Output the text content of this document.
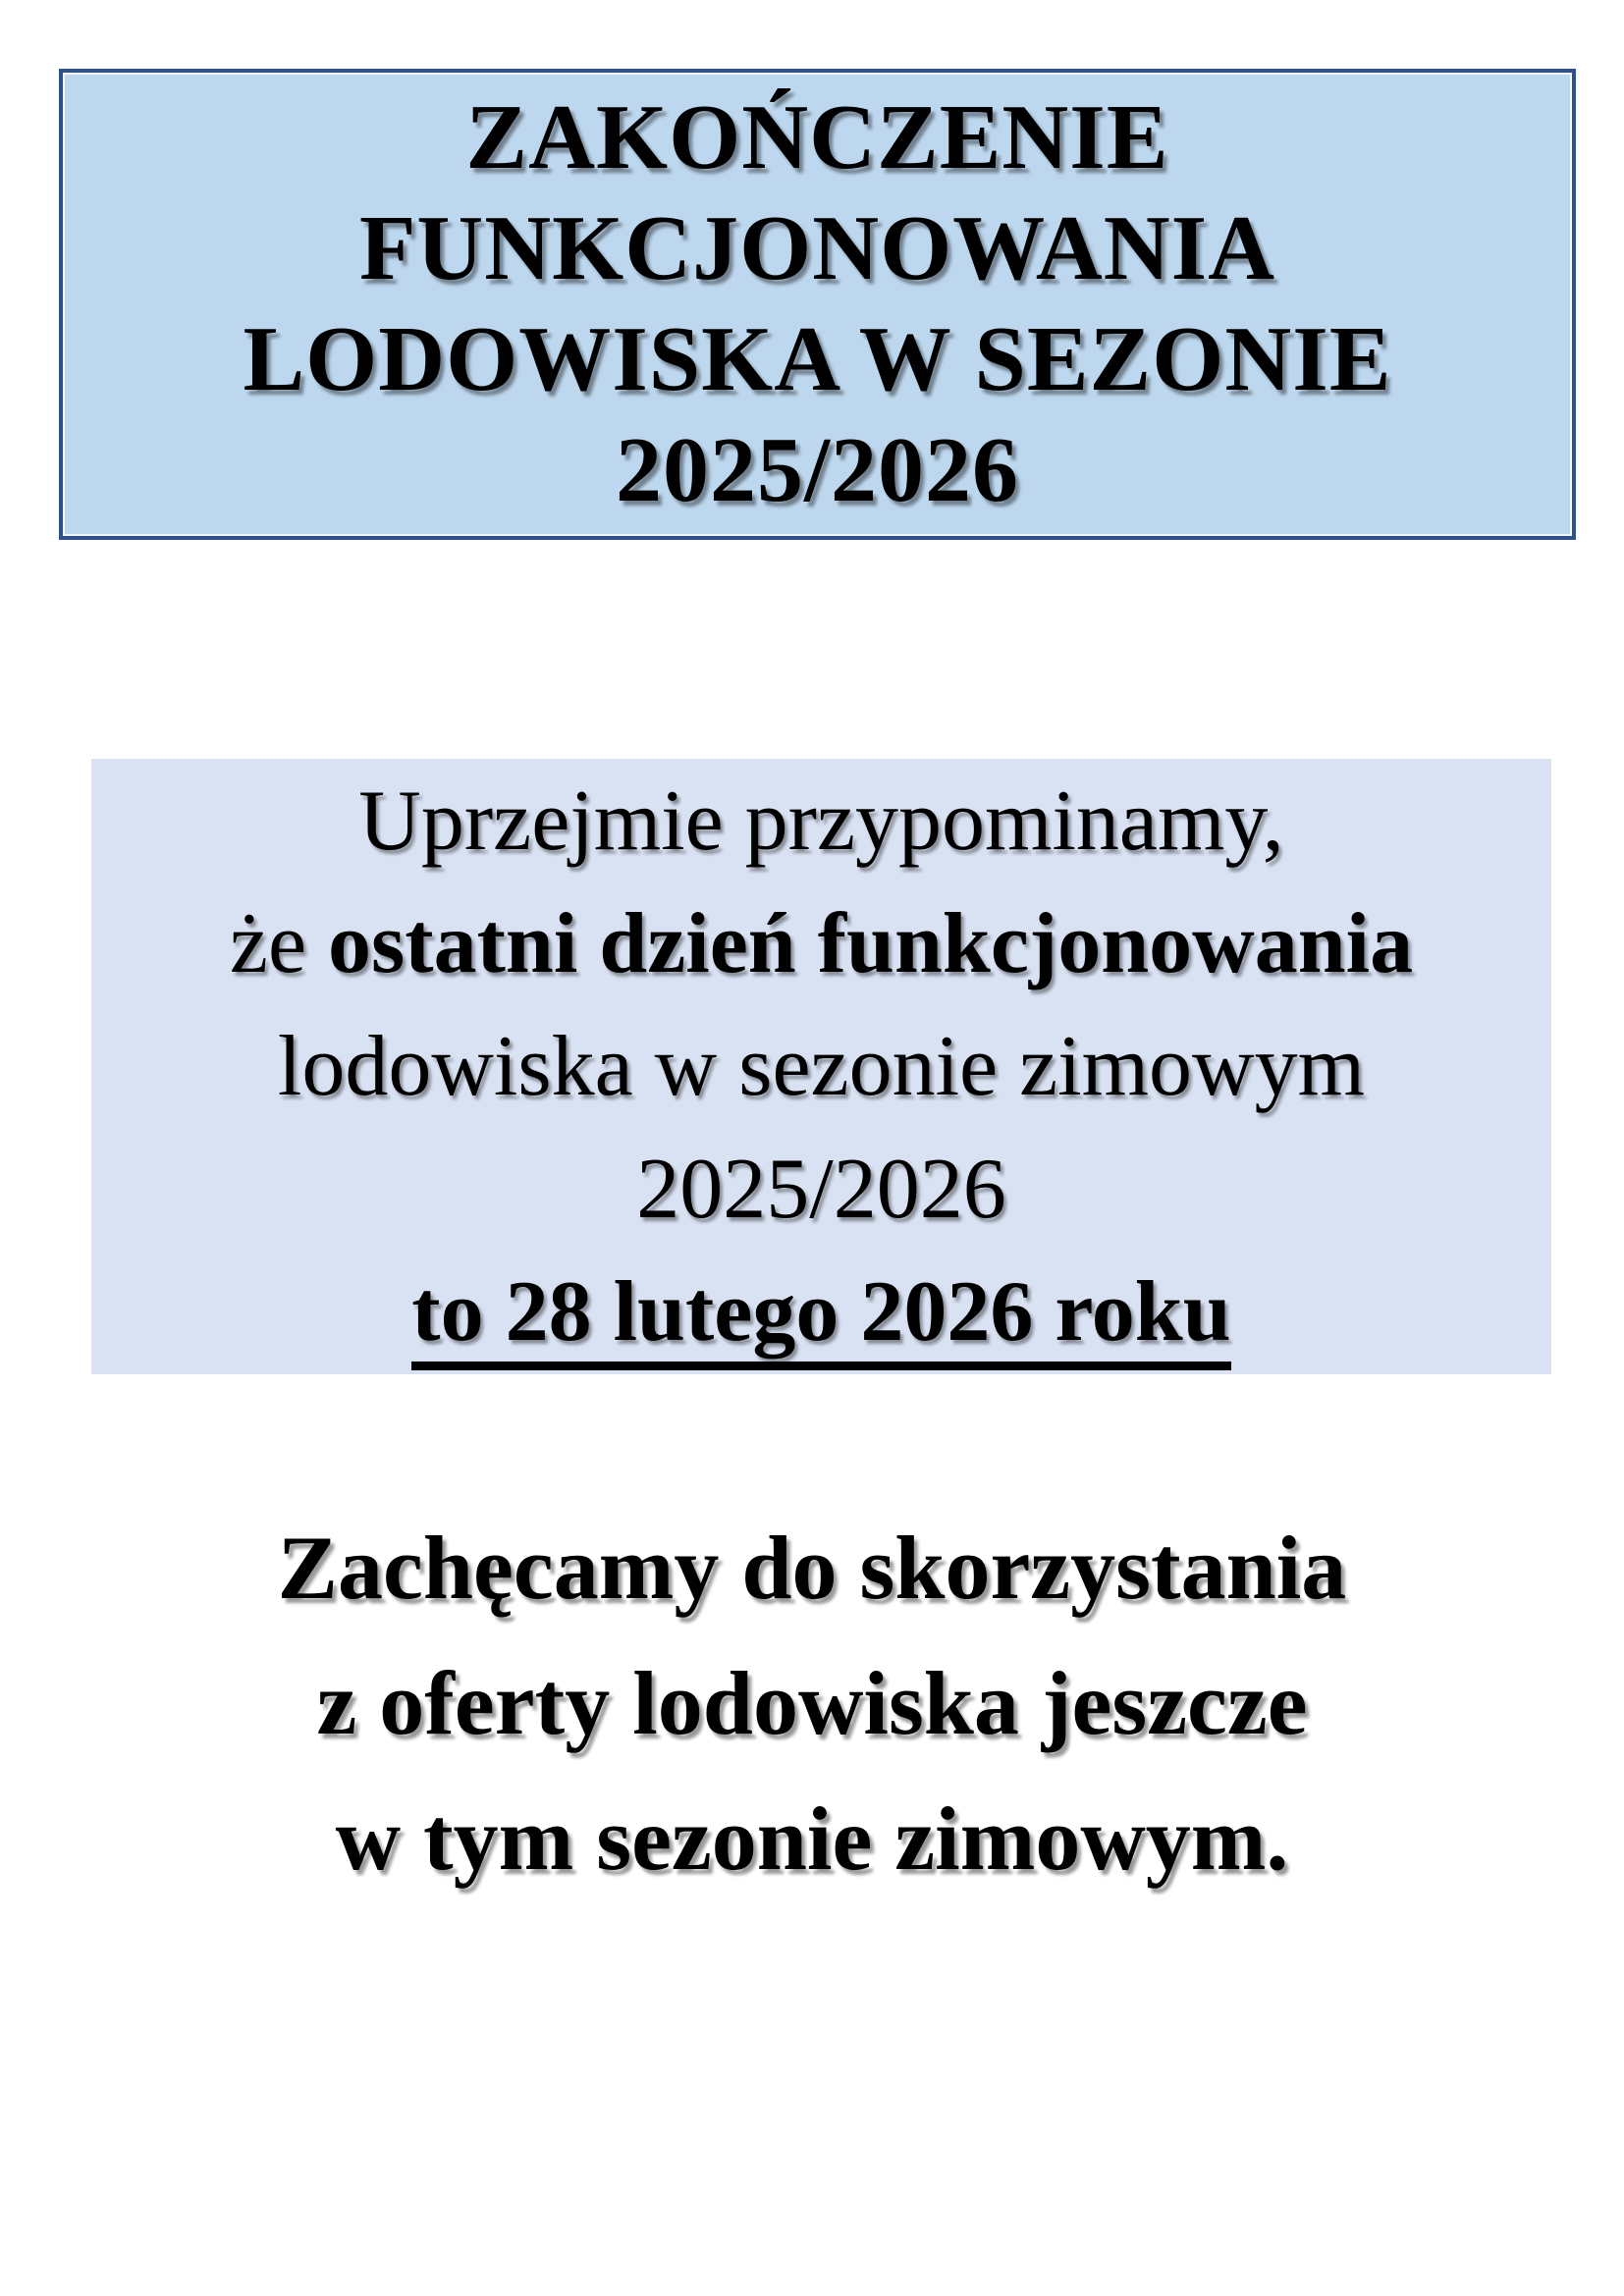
ZAKOŃCZENIE
FUNKCJONOWANIA
LODOWISKA W SEZONIE
2025/2026
Uprzejmie przypominamy,
że ostatni dzień funkcjonowania
lodowiska w sezonie zimowym
2025/2026
to 28 lutego 2026 roku
Zachęcamy do skorzystania
z oferty lodowiska jeszcze
w tym sezonie zimowym.
